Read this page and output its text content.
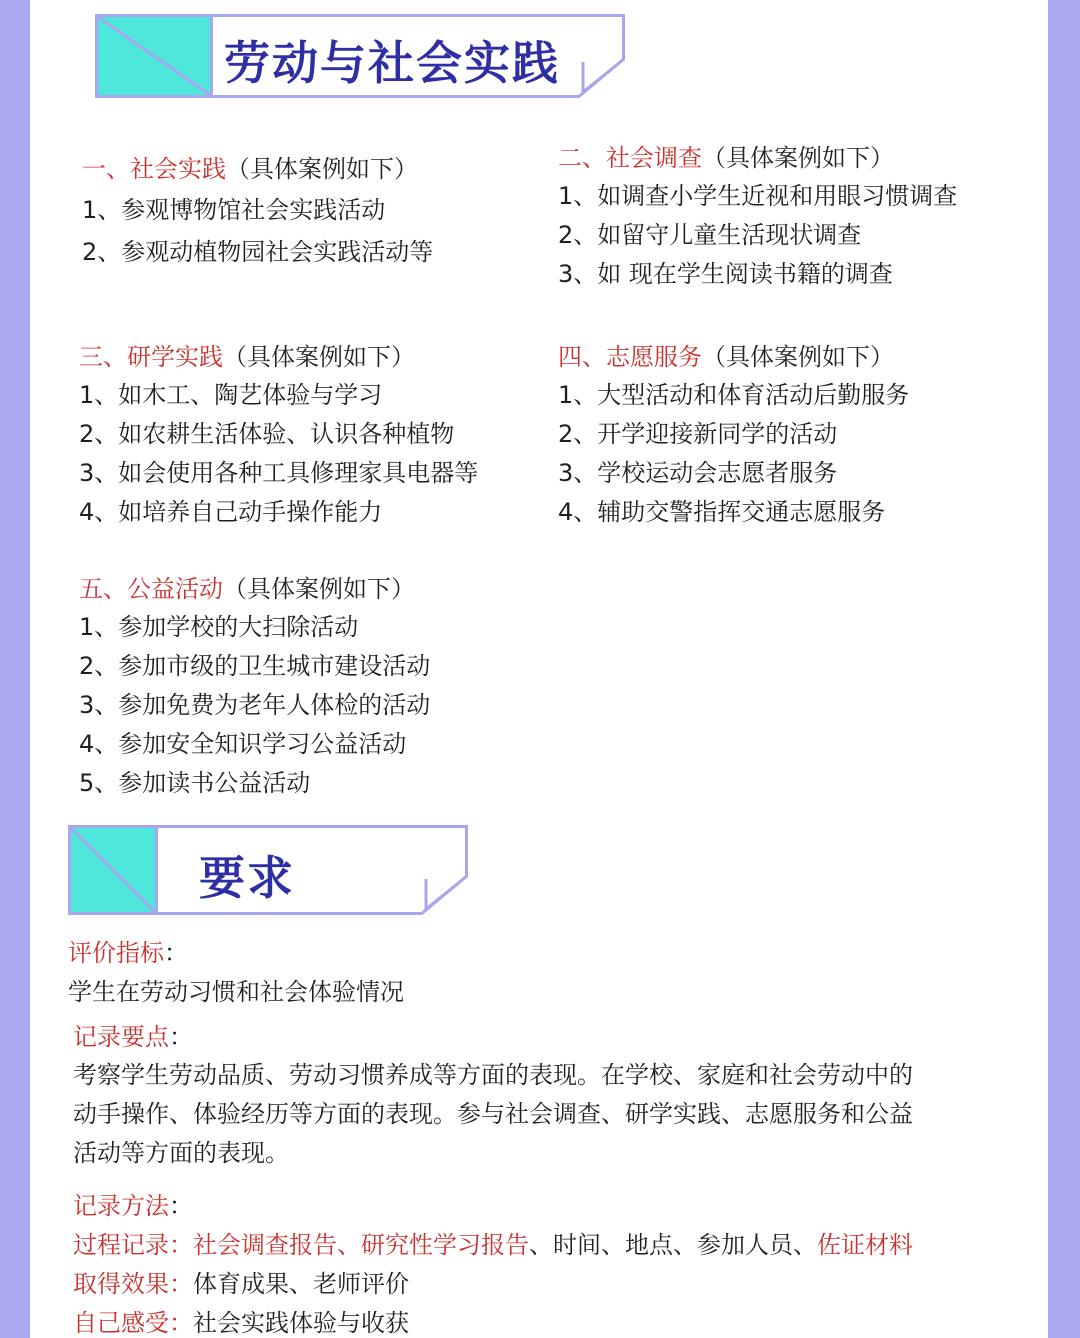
劳动与社会实践
一、社会实践（具体案例如下）
1、参观博物馆社会实践活动
2、参观动植物园社会实践活动等
二、社会调查（具体案例如下）
1、如调查小学生近视和用眼习惯调查
2、如留守儿童生活现状调查
3、如 现在学生阅读书籍的调查
三、研学实践（具体案例如下）
1、如木工、陶艺体验与学习
2、如农耕生活体验、认识各种植物
3、如会使用各种工具修理家具电器等
4、如培养自己动手操作能力
四、志愿服务（具体案例如下）
1、大型活动和体育活动后勤服务
2、开学迎接新同学的活动
3、学校运动会志愿者服务
4、辅助交警指挥交通志愿服务
五、公益活动（具体案例如下）
1、参加学校的大扫除活动
2、参加市级的卫生城市建设活动
3、参加免费为老年人体检的活动
4、参加安全知识学习公益活动
5、参加读书公益活动
要求
评价指标：
学生在劳动习惯和社会体验情况
记录要点：
考察学生劳动品质、劳动习惯养成等方面的表现。在学校、家庭和社会劳动中的
动手操作、体验经历等方面的表现。参与社会调查、研学实践、志愿服务和公益
活动等方面的表现。
记录方法：
过程记录：社会调查报告、研究性学习报告、时间、地点、参加人员、佐证材料
取得效果：体育成果、老师评价
自己感受：社会实践体验与收获
